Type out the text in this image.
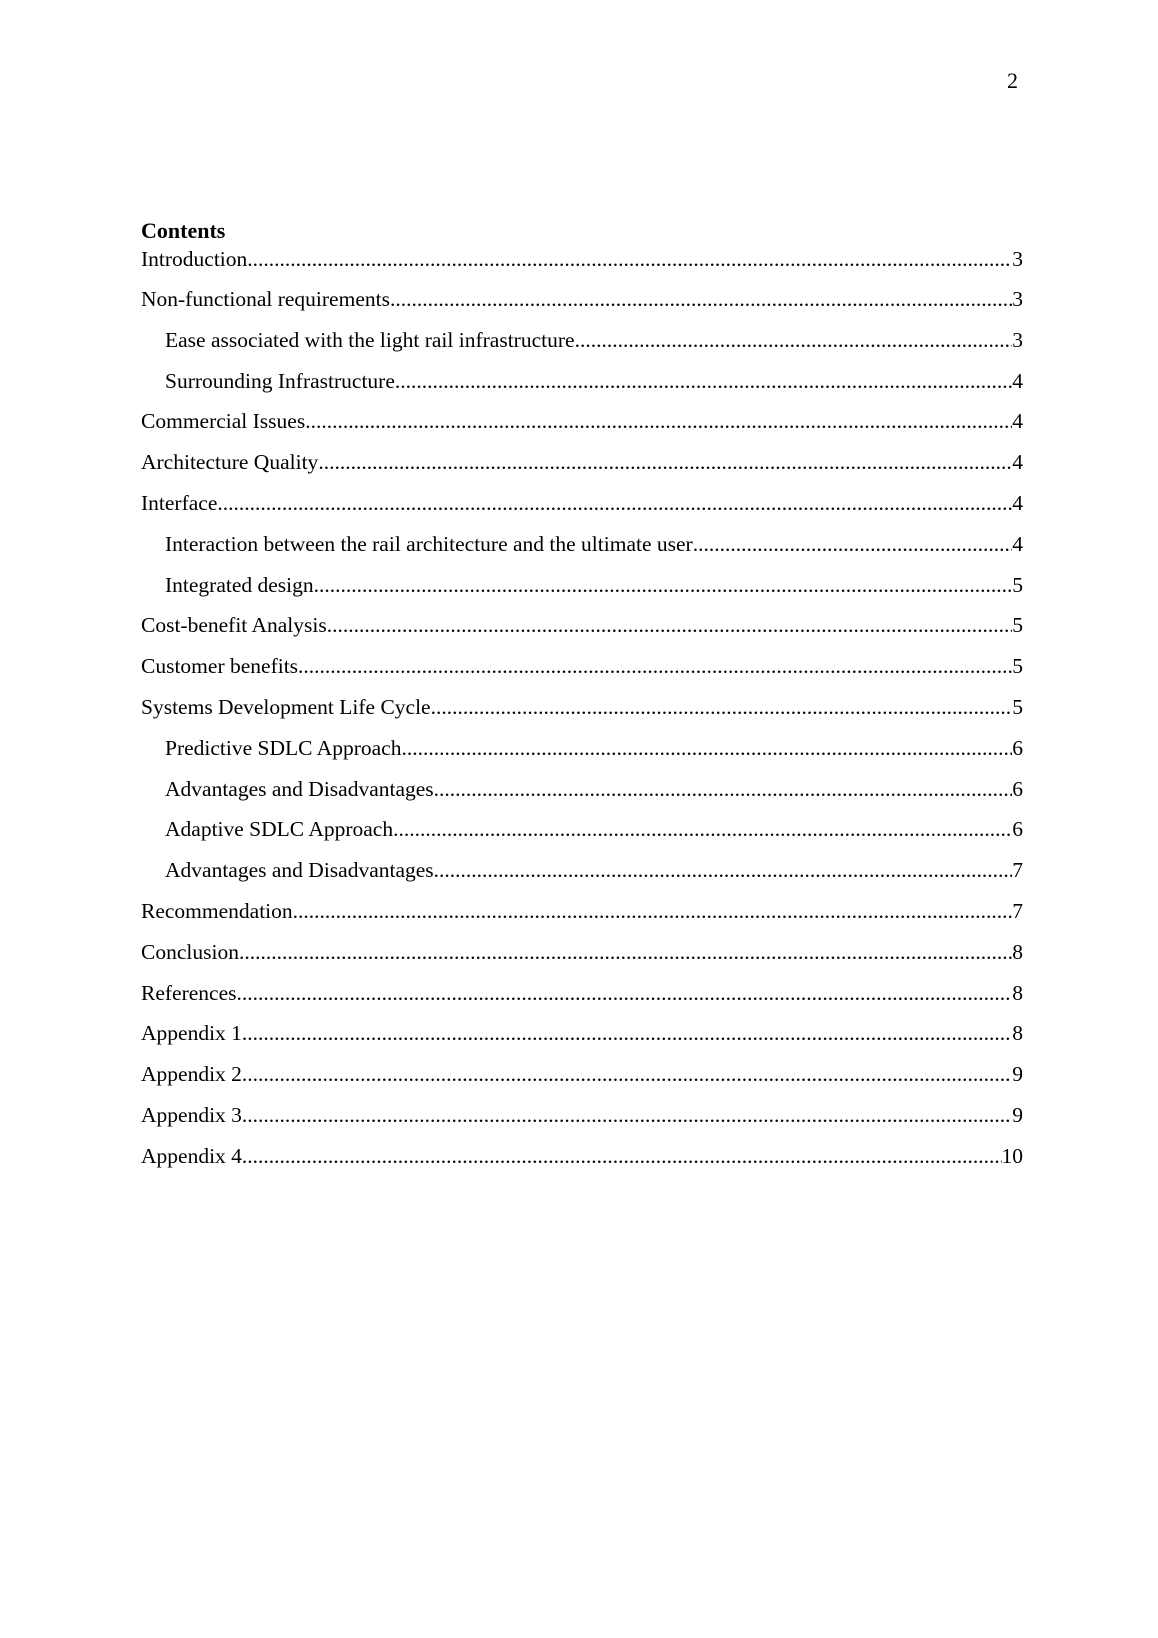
2
Contents
Introduction .....	3
Non-functional requirements .....	3
Ease associated with the light rail infrastructure .....	3
Surrounding Infrastructure .....	4
Commercial Issues .....	4
Architecture Quality .....	4
Interface .....	4
Interaction between the rail architecture and the ultimate user .....	4
Integrated design .....	5
Cost-benefit Analysis .....	5
Customer benefits .....	5
Systems Development Life Cycle .....	5
Predictive SDLC Approach .....	6
Advantages and Disadvantages .....	6
Adaptive SDLC Approach .....	6
Advantages and Disadvantages .....	7
Recommendation .....	7
Conclusion .....	8
References .....	8
Appendix 1 .....	8
Appendix 2 .....	9
Appendix 3 .....	9
Appendix 4 .....	10
